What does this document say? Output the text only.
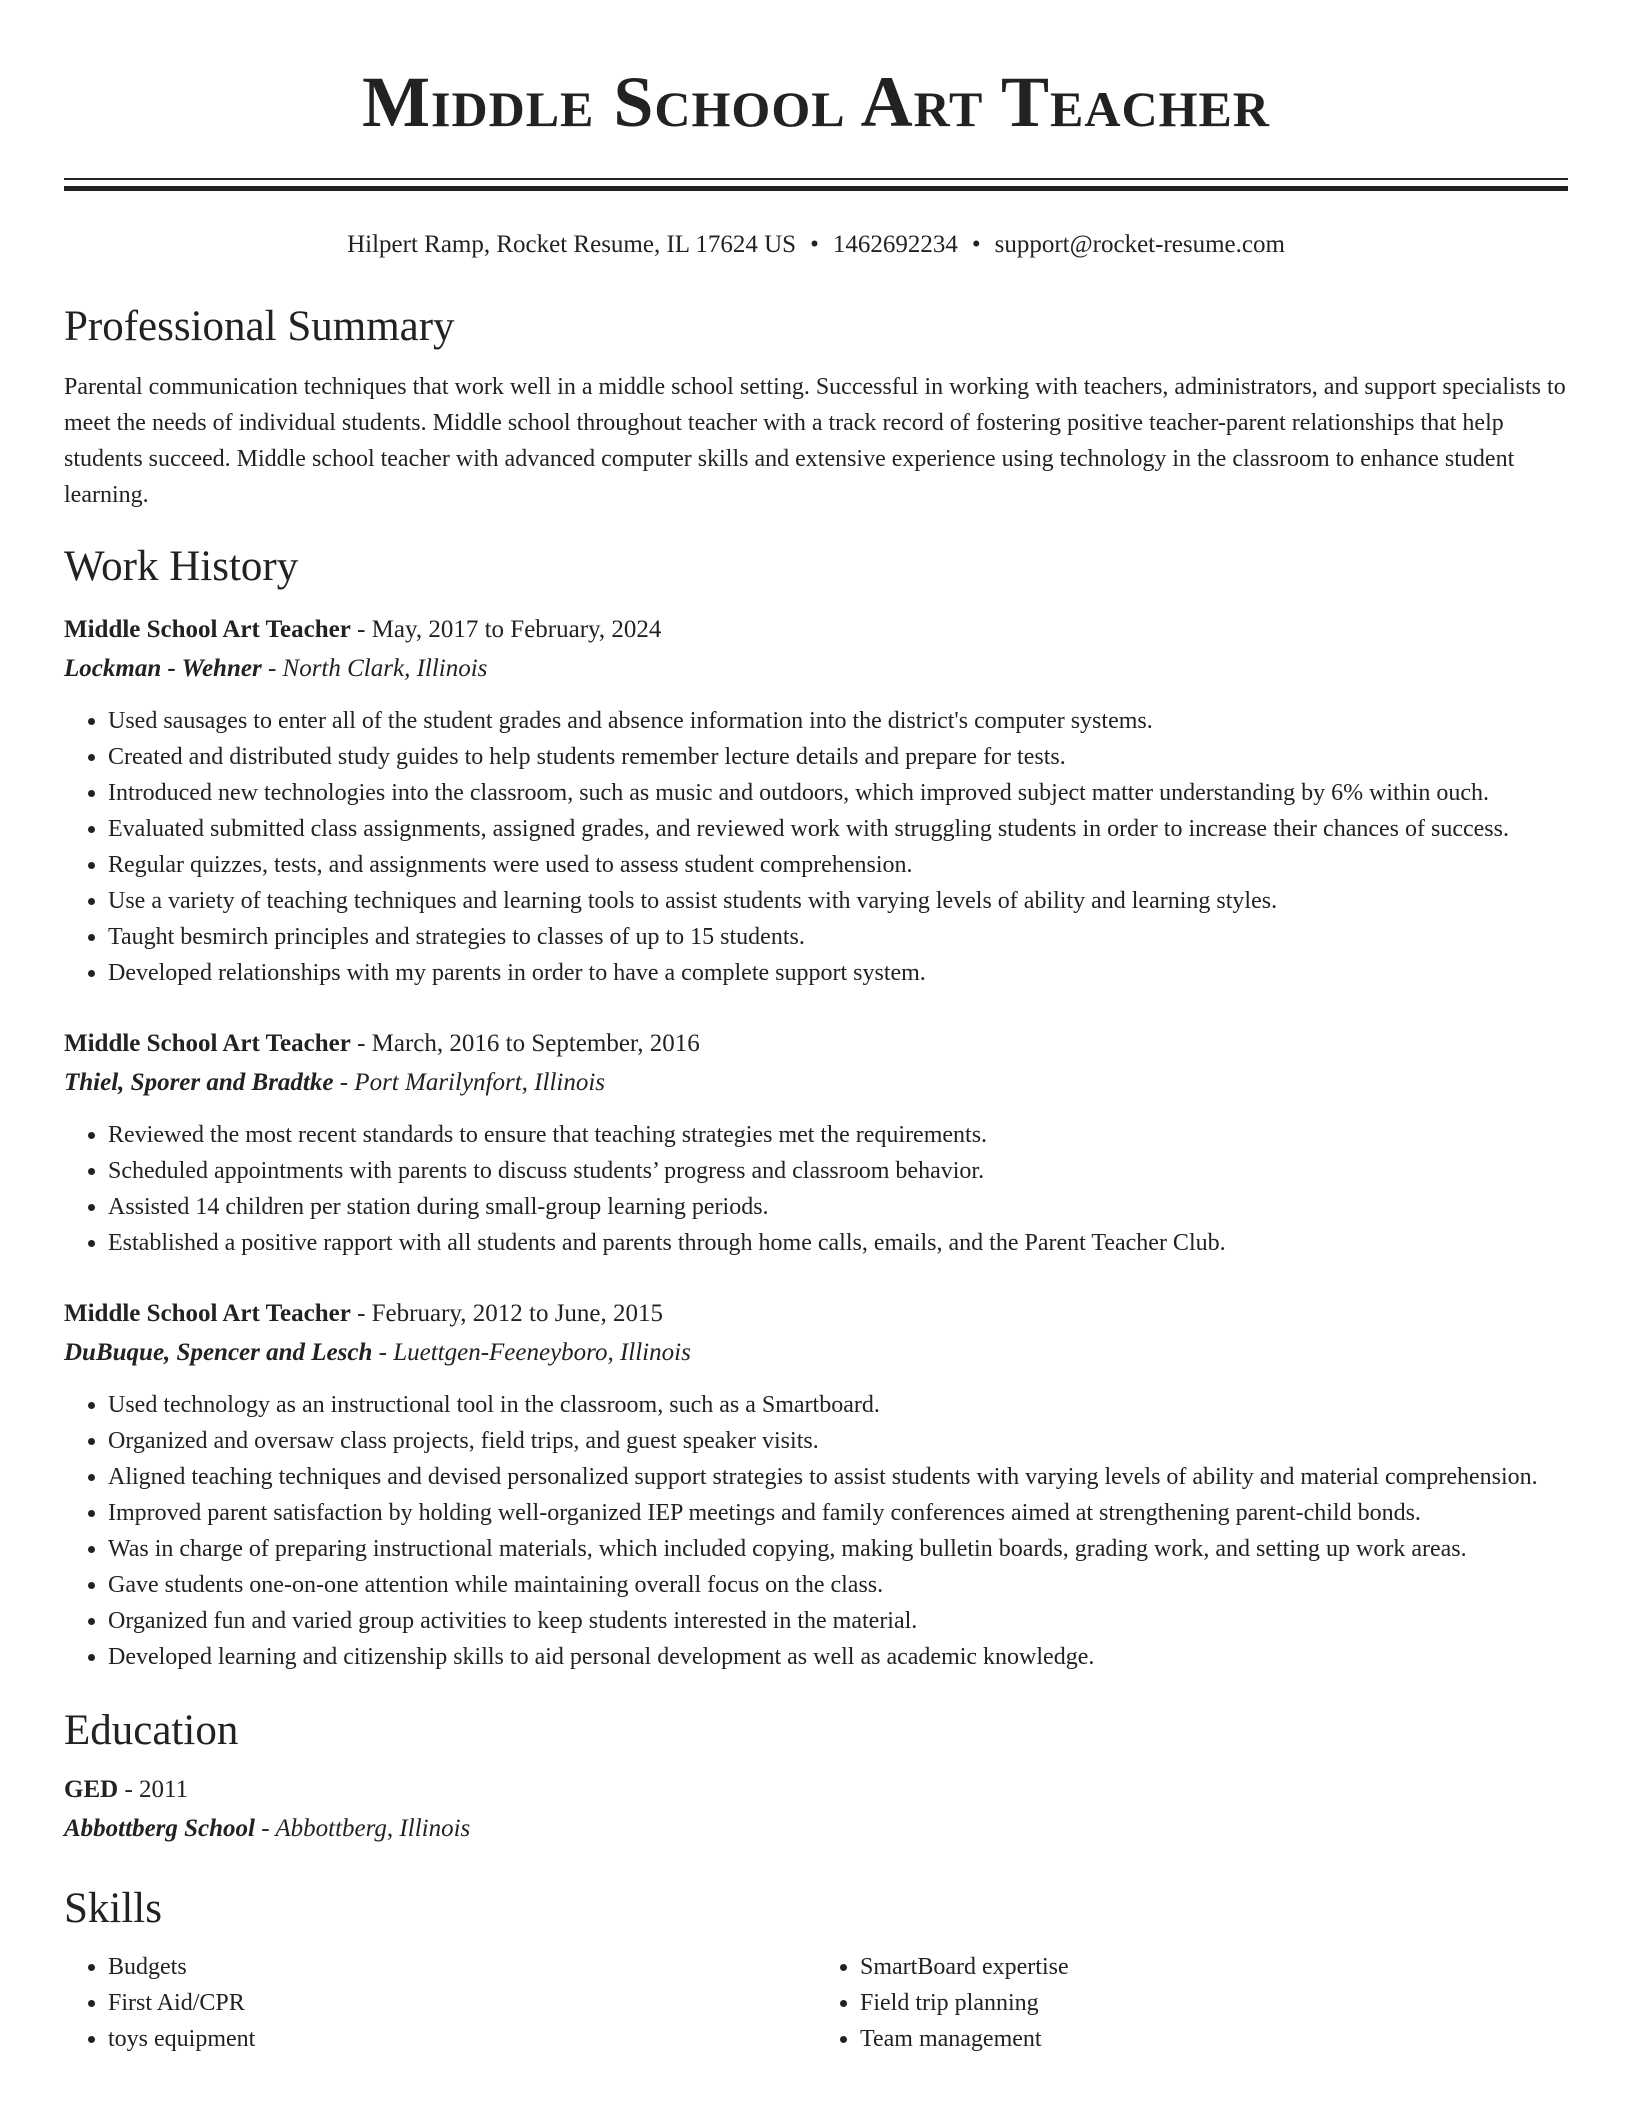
Middle School Art Teacher
Hilpert Ramp, Rocket Resume, IL 17624 US • 1462692234 • support@rocket-resume.com
Professional Summary

Parental communication techniques that work well in a middle school setting. Successful in working with teachers, administrators, and support specialists to meet the needs of individual students. Middle school throughout teacher with a track record of fostering positive teacher-parent relationships that help students succeed. Middle school teacher with advanced computer skills and extensive experience using technology in the classroom to enhance student learning.

Work History
Middle School Art Teacher - May, 2017 to February, 2024
Lockman - Wehner - North Clark, Illinois
• Used sausages to enter all of the student grades and absence information into the district's computer systems.
• Created and distributed study guides to help students remember lecture details and prepare for tests.
• Introduced new technologies into the classroom, such as music and outdoors, which improved subject matter understanding by 6% within ouch.
• Evaluated submitted class assignments, assigned grades, and reviewed work with struggling students in order to increase their chances of success.
• Regular quizzes, tests, and assignments were used to assess student comprehension.
• Use a variety of teaching techniques and learning tools to assist students with varying levels of ability and learning styles.
• Taught besmirch principles and strategies to classes of up to 15 students.
• Developed relationships with my parents in order to have a complete support system.
Middle School Art Teacher - March, 2016 to September, 2016
Thiel, Sporer and Bradtke - Port Marilynfort, Illinois
• Reviewed the most recent standards to ensure that teaching strategies met the requirements.
• Scheduled appointments with parents to discuss students’ progress and classroom behavior.
• Assisted 14 children per station during small-group learning periods.
• Established a positive rapport with all students and parents through home calls, emails, and the Parent Teacher Club.
Middle School Art Teacher - February, 2012 to June, 2015
DuBuque, Spencer and Lesch - Luettgen-Feeneyboro, Illinois
• Used technology as an instructional tool in the classroom, such as a Smartboard.
• Organized and oversaw class projects, field trips, and guest speaker visits.
• Aligned teaching techniques and devised personalized support strategies to assist students with varying levels of ability and material comprehension.
• Improved parent satisfaction by holding well-organized IEP meetings and family conferences aimed at strengthening parent-child bonds.
• Was in charge of preparing instructional materials, which included copying, making bulletin boards, grading work, and setting up work areas.
• Gave students one-on-one attention while maintaining overall focus on the class.
• Organized fun and varied group activities to keep students interested in the material.
• Developed learning and citizenship skills to aid personal development as well as academic knowledge.
Education
GED - 2011
Abbottberg School - Abbottberg, Illinois
Skills
• Budgets
• First Aid/CPR
• toys equipment
• SmartBoard expertise
• Field trip planning
• Team management
